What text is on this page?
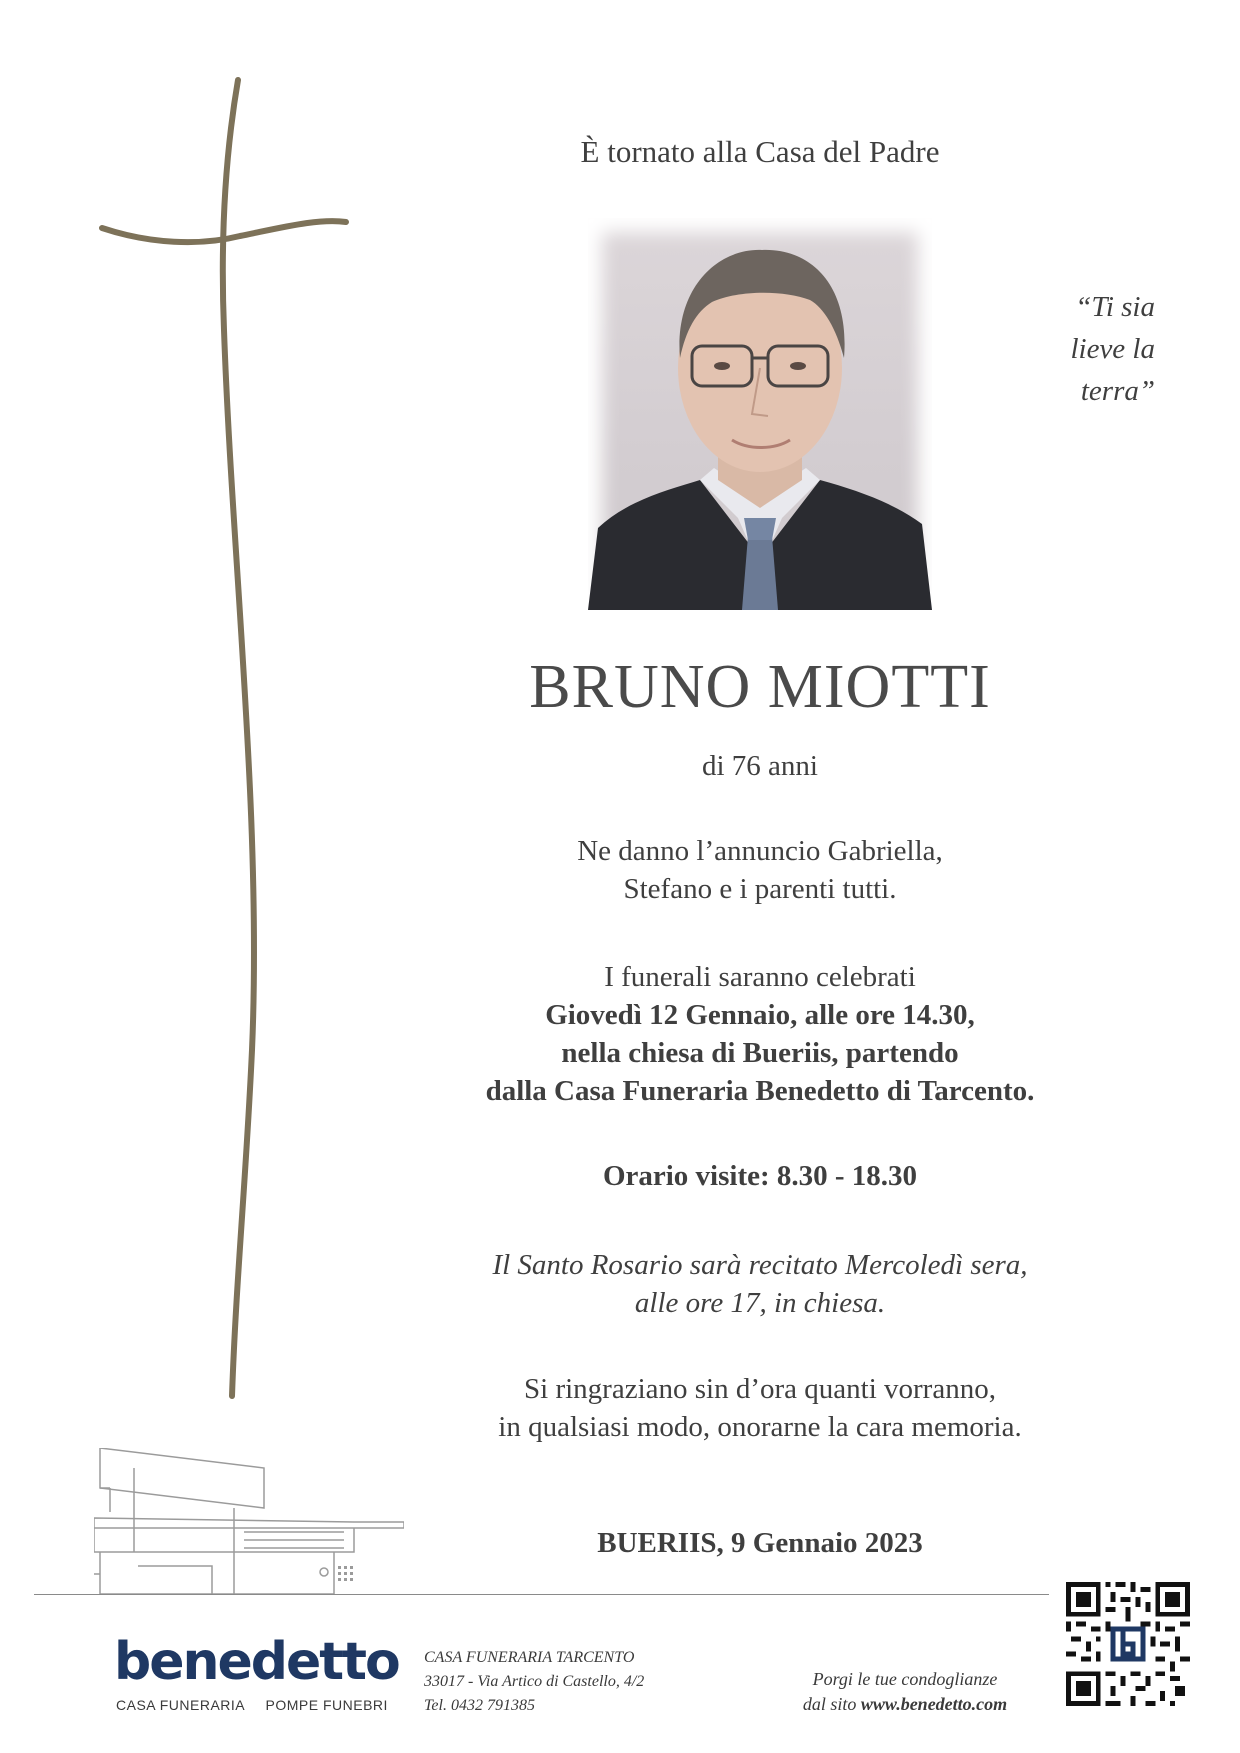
È tornato alla Casa del Padre
“Ti sia
lieve la
terra”
BRUNO MIOTTI
di 76 anni
Ne danno l’annuncio Gabriella,
Stefano e i parenti tutti.
I funerali saranno celebrati
Giovedì 12 Gennaio, alle ore 14.30,
nella chiesa di Bueriis, partendo
dalla Casa Funeraria Benedetto di Tarcento.
Orario visite: 8.30 - 18.30
Il Santo Rosario sarà recitato Mercoledì sera,
alle ore 17, in chiesa.
Si ringraziano sin d’ora quanti vorranno,
in qualsiasi modo, onorarne la cara memoria.
BUERIIS, 9 Gennaio 2023
benedetto
CASA FUNERARIA POMPE FUNEBRI
CASA FUNERARIA TARCENTO
33017 - Via Artico di Castello, 4/2
Tel. 0432 791385
Porgi le tue condoglianze
dal sito www.benedetto.com
